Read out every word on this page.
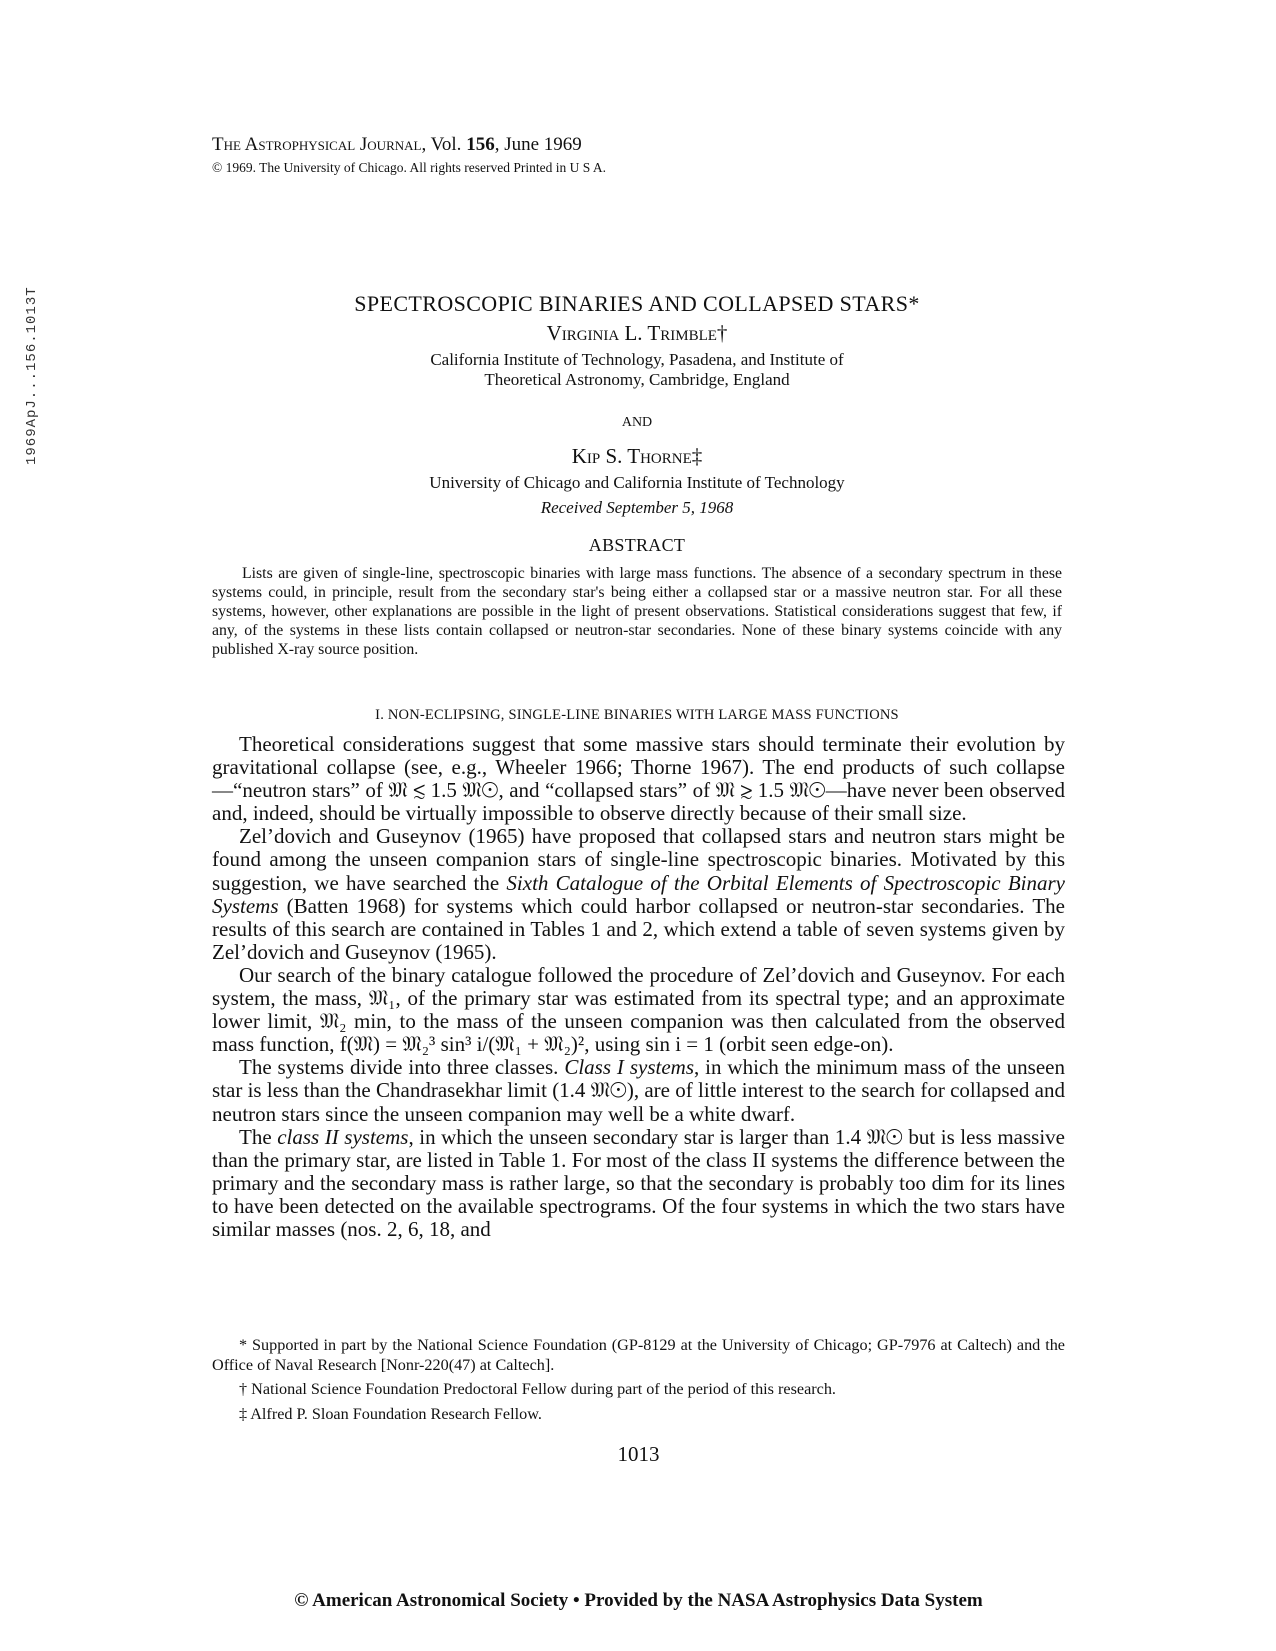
1969ApJ...156.1013T
The Astrophysical Journal, Vol. 156, June 1969
© 1969. The University of Chicago. All rights reserved Printed in U S A.
SPECTROSCOPIC BINARIES AND COLLAPSED STARS*
Virginia L. Trimble†
California Institute of Technology, Pasadena, and Institute of
Theoretical Astronomy, Cambridge, England
AND
Kip S. Thorne‡
University of Chicago and California Institute of Technology
Received September 5, 1968
ABSTRACT

Lists are given of single-line, spectroscopic binaries with large mass functions. The absence of a secondary spectrum in these systems could, in principle, result from the secondary star's being either a collapsed star or a massive neutron star. For all these systems, however, other explanations are possible in the light of present observations. Statistical considerations suggest that few, if any, of the systems in these lists contain collapsed or neutron-star secondaries. None of these binary systems coincide with any published X-ray source position.

I. NON-ECLIPSING, SINGLE-LINE BINARIES WITH LARGE MASS FUNCTIONS

Theoretical considerations suggest that some massive stars should terminate their evolution by gravitational collapse (see, e.g., Wheeler 1966; Thorne 1967). The end products of such collapse—“neutron stars” of 𝔐 ≲ 1.5 𝔐☉, and “collapsed stars” of 𝔐 ≳ 1.5 𝔐☉—have never been observed and, indeed, should be virtually impossible to observe directly because of their small size.

Zel’dovich and Guseynov (1965) have proposed that collapsed stars and neutron stars might be found among the unseen companion stars of single-line spectroscopic binaries. Motivated by this suggestion, we have searched the Sixth Catalogue of the Orbital Elements of Spectroscopic Binary Systems (Batten 1968) for systems which could harbor collapsed or neutron-star secondaries. The results of this search are contained in Tables 1 and 2, which extend a table of seven systems given by Zel’dovich and Guseynov (1965).

Our search of the binary catalogue followed the procedure of Zel’dovich and Guseynov. For each system, the mass, 𝔐₁, of the primary star was estimated from its spectral type; and an approximate lower limit, 𝔐₂ min, to the mass of the unseen companion was then calculated from the observed mass function, f(𝔐) = 𝔐₂³ sin³ i/(𝔐₁ + 𝔐₂)², using sin i = 1 (orbit seen edge-on).

The systems divide into three classes. Class I systems, in which the minimum mass of the unseen star is less than the Chandrasekhar limit (1.4 𝔐☉), are of little interest to the search for collapsed and neutron stars since the unseen companion may well be a white dwarf.

The class II systems, in which the unseen secondary star is larger than 1.4 𝔐☉ but is less massive than the primary star, are listed in Table 1. For most of the class II systems the difference between the primary and the secondary mass is rather large, so that the secondary is probably too dim for its lines to have been detected on the available spectrograms. Of the four systems in which the two stars have similar masses (nos. 2, 6, 18, and

* Supported in part by the National Science Foundation (GP-8129 at the University of Chicago; GP-7976 at Caltech) and the Office of Naval Research [Nonr-220(47) at Caltech].

† National Science Foundation Predoctoral Fellow during part of the period of this research.

‡ Alfred P. Sloan Foundation Research Fellow.

1013
© American Astronomical Society • Provided by the NASA Astrophysics Data System
